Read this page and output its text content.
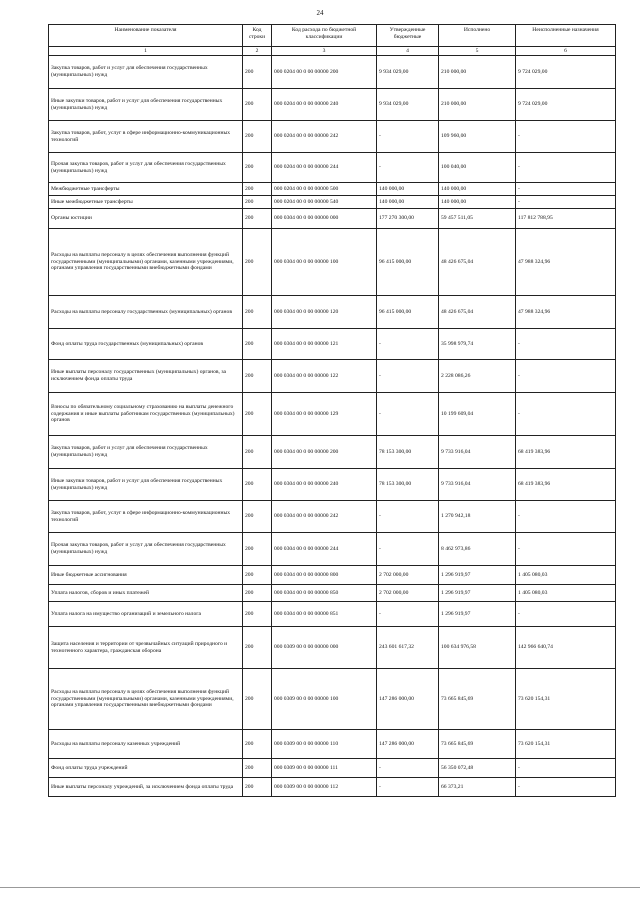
24
Наименование показателя	Код строки	Код расхода по бюджетной классификации	Утвержденные бюджетные	Исполнено	Неисполненные назначения
1	2	3	4	5	6
Закупка товаров, работ и услуг для обеспечения государственных (муниципальных) нужд	200	000 0204 00 0 00 00000 200	9 934 029,00	210 000,00	9 724 029,00
Иные закупки товаров, работ и услуг для обеспечения государственных (муниципальных) нужд	200	000 0204 00 0 00 00000 240	9 934 029,00	210 000,00	9 724 029,00
Закупка товаров, работ, услуг в сфере информационно-коммуникационных технологий	200	000 0204 00 0 00 00000 242	-	109 960,00	-
Прочая закупка товаров, работ и услуг для обеспечения государственных (муниципальных) нужд	200	000 0204 00 0 00 00000 244	-	100 040,00	-
Межбюджетные трансферты	200	000 0204 00 0 00 00000 500	140 000,00	140 000,00	-
Иные межбюджетные трансферты	200	000 0204 00 0 00 00000 540	140 000,00	140 000,00	-
Органы юстиции	200	000 0304 00 0 00 00000 000	177 270 300,00	59 457 511,05	117 812 788,95
Расходы на выплаты персоналу в целях обеспечения выполнения функций государственными (муниципальными) органами, казенными учреждениями, органами управления государственными внебюджетными фондами	200	000 0304 00 0 00 00000 100	96 415 000,00	48 426 675,04	47 988 324,96
Расходы на выплаты персоналу государственных (муниципальных) органов	200	000 0304 00 0 00 00000 120	96 415 000,00	48 426 675,04	47 988 324,96
Фонд оплаты труда государственных (муниципальных) органов	200	000 0304 00 0 00 00000 121	-	35 998 979,74	-
Иные выплаты персоналу государственных (муниципальных) органов, за исключением фонда оплаты труда	200	000 0304 00 0 00 00000 122	-	2 228 086,26	-
Взносы по обязательному социальному страхованию на выплаты денежного содержания и иные выплаты работникам государственных (муниципальных) органов	200	000 0304 00 0 00 00000 129	-	10 199 609,04	-
Закупка товаров, работ и услуг для обеспечения государственных (муниципальных) нужд	200	000 0304 00 0 00 00000 200	78 153 300,00	9 733 916,04	68 419 383,96
Иные закупки товаров, работ и услуг для обеспечения государственных (муниципальных) нужд	200	000 0304 00 0 00 00000 240	78 153 300,00	9 733 916,04	68 419 383,96
Закупка товаров, работ, услуг в сфере информационно-коммуникационных технологий	200	000 0304 00 0 00 00000 242	-	1 270 942,18	-
Прочая закупка товаров, работ и услуг для обеспечения государственных (муниципальных) нужд	200	000 0304 00 0 00 00000 244	-	8 462 973,86	-
Иные бюджетные ассигнования	200	000 0304 00 0 00 00000 800	2 702 000,00	1 296 919,97	1 405 080,03
Уплата налогов, сборов и иных платежей	200	000 0304 00 0 00 00000 850	2 702 000,00	1 296 919,97	1 405 080,03
Уплата налога на имущество организаций и земельного налога	200	000 0304 00 0 00 00000 851	-	1 296 919,97	-
Защита населения и территории от чрезвычайных ситуаций природного и техногенного характера, гражданская оборона	200	000 0309 00 0 00 00000 000	243 601 617,32	100 634 976,58	142 966 640,74
Расходы на выплаты персоналу в целях обеспечения выполнения функций государственными (муниципальными) органами, казенными учреждениями, органами управления государственными внебюджетными фондами	200	000 0309 00 0 00 00000 100	147 286 000,00	73 665 845,69	73 620 154,31
Расходы на выплаты персоналу казенных учреждений	200	000 0309 00 0 00 00000 110	147 286 000,00	73 665 845,69	73 620 154,31
Фонд оплаты труда учреждений	200	000 0309 00 0 00 00000 111	-	56 350 072,48	-
Иные выплаты персоналу учреждений, за исключением фонда оплаты труда	200	000 0309 00 0 00 00000 112	-	66 373,21	-
